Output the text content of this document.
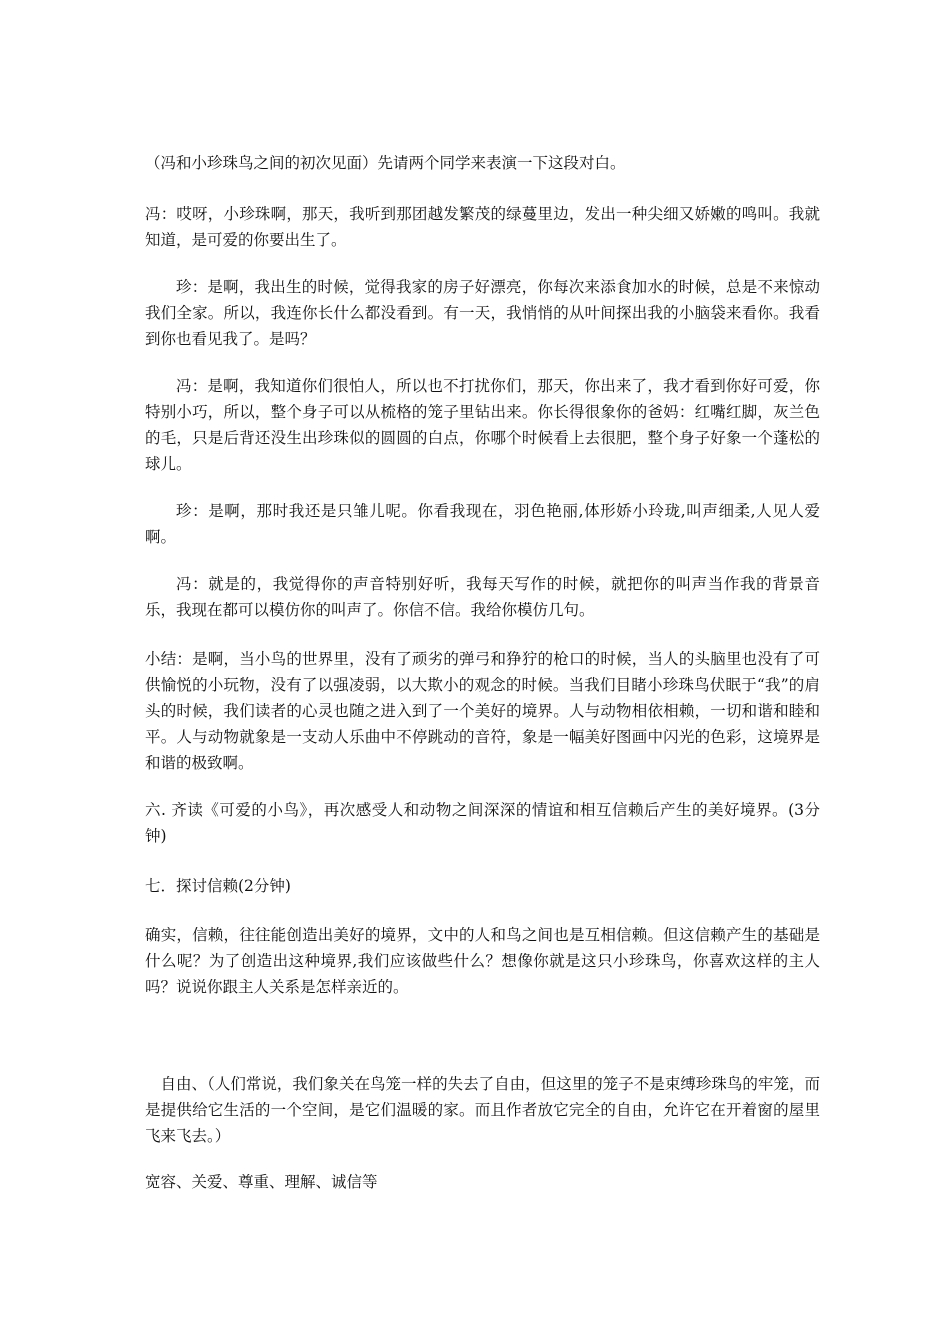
（冯和小珍珠鸟之间的初次见面）先请两个同学来表演一下这段对白。

冯：哎呀，小珍珠啊，那天，我听到那团越发繁茂的绿蔓里边，发出一种尖细又娇嫩的鸣叫。我就知道，是可爱的你要出生了。

珍：是啊，我出生的时候，觉得我家的房子好漂亮，你每次来添食加水的时候，总是不来惊动我们全家。所以，我连你长什么都没看到。有一天，我悄悄的从叶间探出我的小脑袋来看你。我看到你也看见我了。是吗？

冯：是啊，我知道你们很怕人，所以也不打扰你们，那天，你出来了，我才看到你好可爱，你特别小巧，所以，整个身子可以从梳格的笼子里钻出来。你长得很象你的爸妈：红嘴红脚，灰兰色的毛，只是后背还没生出珍珠似的圆圆的白点，你哪个时候看上去很肥，整个身子好象一个蓬松的球儿。

珍：是啊，那时我还是只雏儿呢。你看我现在，羽色艳丽,体形娇小玲珑,叫声细柔,人见人爱啊。

冯：就是的，我觉得你的声音特别好听，我每天写作的时候，就把你的叫声当作我的背景音乐，我现在都可以模仿你的叫声了。你信不信。我给你模仿几句。

小结：是啊，当小鸟的世界里，没有了顽劣的弹弓和狰狞的枪口的时候，当人的头脑里也没有了可供愉悦的小玩物，没有了以强凌弱，以大欺小的观念的时候。当我们目睹小珍珠鸟伏眠于“我”的肩头的时候，我们读者的心灵也随之进入到了一个美好的境界。人与动物相依相赖，一切和谐和睦和平。人与动物就象是一支动人乐曲中不停跳动的音符，象是一幅美好图画中闪光的色彩，这境界是和谐的极致啊。

六. 齐读《可爱的小鸟》，再次感受人和动物之间深深的情谊和相互信赖后产生的美好境界。(3分钟)

七．探讨信赖(2分钟)

确实，信赖，往往能创造出美好的境界，文中的人和鸟之间也是互相信赖。但这信赖产生的基础是什么呢？为了创造出这种境界,我们应该做些什么？想像你就是这只小珍珠鸟，你喜欢这样的主人吗？说说你跟主人关系是怎样亲近的。

自由、（人们常说，我们象关在鸟笼一样的失去了自由，但这里的笼子不是束缚珍珠鸟的牢笼，而是提供给它生活的一个空间，是它们温暖的家。而且作者放它完全的自由，允许它在开着窗的屋里飞来飞去。）

宽容、关爱、尊重、理解、诚信等
